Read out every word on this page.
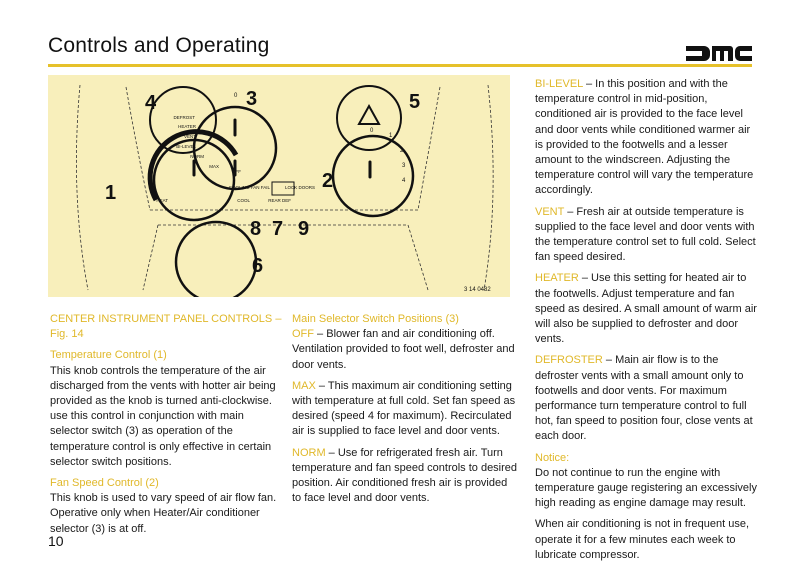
Controls and Operating
1
2
3
4	5
6
7
8 9
DEFROST
HEATER
VENT
BI-LEVEL
NORM
MAX
OFF
HEAT	COOL
COOLING FAN FAIL
REAR DEF
LOCK DOORS
0
0
1
2
3
4
3 14 0482

CENTER INSTRUMENT PANEL CONTROLS – Fig. 14

Temperature Control (1)

This knob controls the temperature of the air discharged from the vents with hotter air being provided as the knob is turned anti-clockwise. use this control in conjunction with main selector switch (3) as operation of the temperature control is only effective in certain selector switch positions.

Fan Speed Control (2)

This knob is used to vary speed of air flow fan. Operative only when Heater/Air conditioner selector (3) is at off.

Main Selector Switch Positions (3)

OFF – Blower fan and air conditioning off. Ventilation provided to foot well, defroster and door vents.

MAX – This maximum air conditioning setting with temperature at full cold. Set fan speed as desired (speed 4 for maximum). Recirculated air is supplied to face level and door vents.

NORM – Use for refrigerated fresh air. Turn temperature and fan speed controls to desired position. Air conditioned fresh air is provided to face level and door vents.

BI-LEVEL – In this position and with the temperature control in mid-position, conditioned air is provided to the face level and door vents while conditioned warmer air is provided to the footwells and a lesser amount to the windscreen. Adjusting the temperature control will vary the temperature accordingly.

VENT – Fresh air at outside temperature is supplied to the face level and door vents with the temperature control set to full cold. Select fan speed desired.

HEATER – Use this setting for heated air to the footwells. Adjust temperature and fan speed as desired. A small amount of warm air will also be supplied to defroster and door vents.

DEFROSTER – Main air flow is to the defroster vents with a small amount only to footwells and door vents. For maximum performance turn temperature control to full hot, fan speed to position four, close vents at each door.

Notice:

Do not continue to run the engine with temperature gauge registering an excessively high reading as engine damage may result.

When air conditioning is not in frequent use, operate it for a few minutes each week to lubricate compressor.

10
